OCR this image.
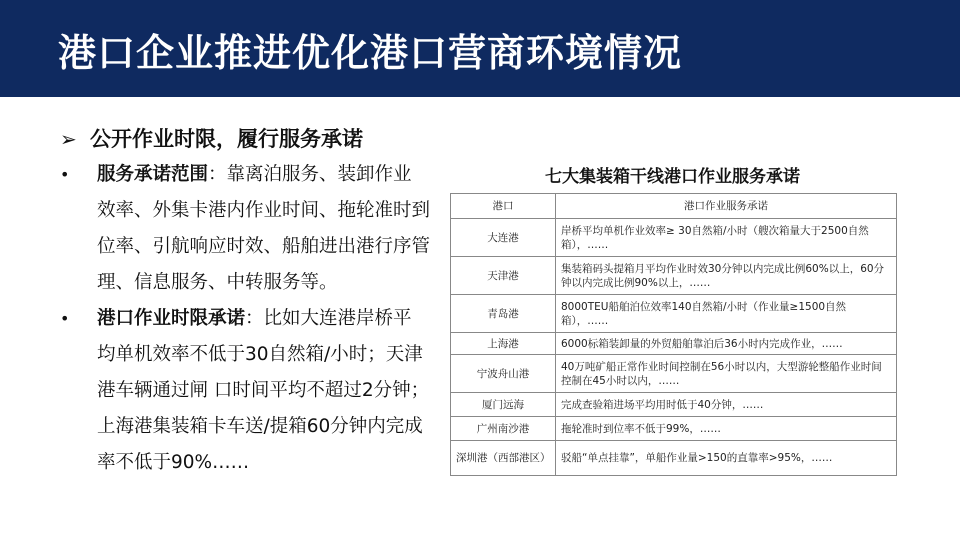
港口企业推进优化港口营商环境情况
➢ 公开作业时限，履行服务承诺
• 服务承诺范围：靠离泊服务、装卸作业效率、外集卡港内作业时间、拖轮准时到位率、引航响应时效、船舶进出港行序管理、信息服务、中转服务等。
• 港口作业时限承诺：比如大连港岸桥平均单机效率不低于30自然箱/小时；天津港车辆通过闸 口时间平均不超过2分钟；上海港集装箱卡车送/提箱60分钟内完成率不低于90%……
七大集装箱干线港口作业服务承诺
港口	港口作业服务承诺
大连港	岸桥平均单机作业效率≥ 30自然箱/小时（艘次箱量大于2500自然箱），……
天津港	集装箱码头提箱月平均作业时效30分钟以内完成比例60%以上，60分钟以内完成比例90%以上，……
青岛港	8000TEU船舶泊位效率140自然箱/小时（作业量≥1500自然箱），……
上海港	6000标箱装卸量的外贸船舶靠泊后36小时内完成作业，……
宁波舟山港	40万吨矿船正常作业时间控制在56小时以内，大型游轮整船作业时间控制在45小时以内，……
厦门远海	完成查验箱进场平均用时低于40分钟，……
广州南沙港	拖轮准时到位率不低于99%，……
深圳港（西部港区）	驳船“单点挂靠”，单船作业量>150的直靠率>95%，……
